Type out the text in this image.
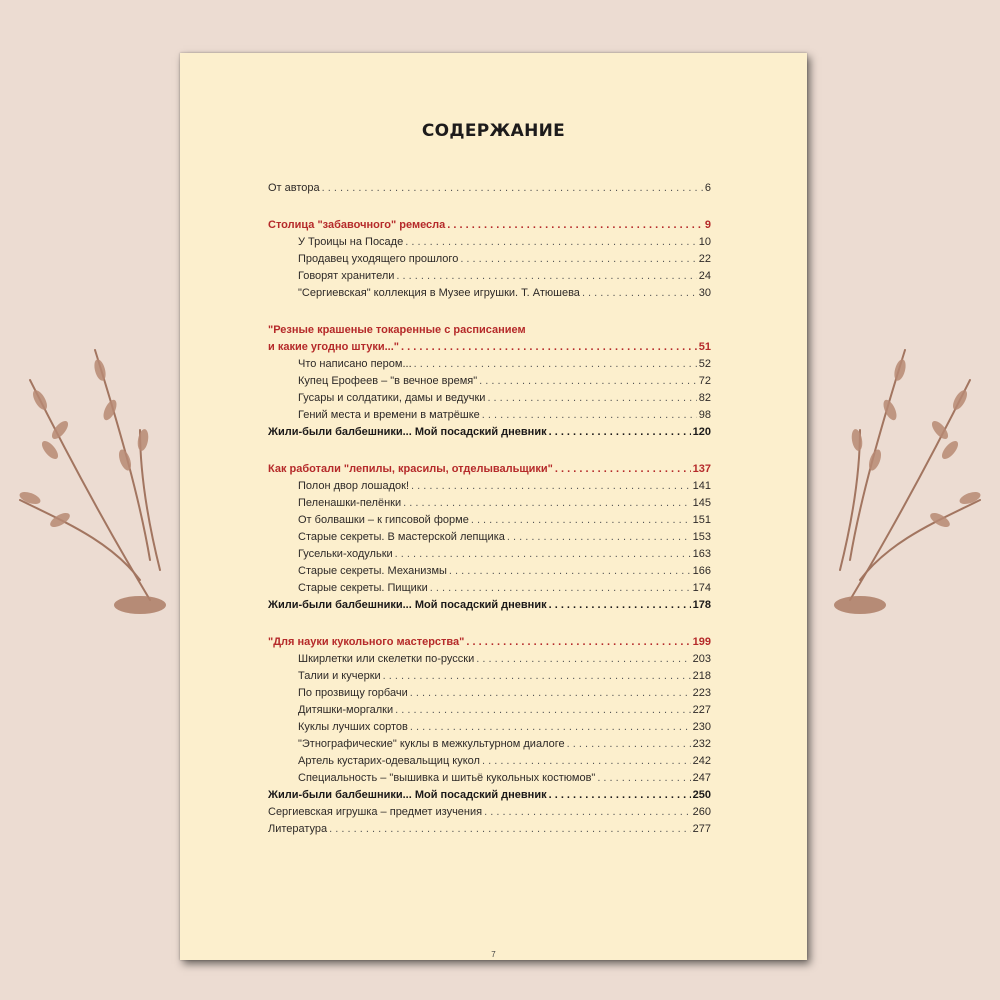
СОДЕРЖАНИЕ
От автора . . .	6
Столица "забавочного" ремесла . . .	9
У Троицы на Посаде . . .	10
Продавец уходящего прошлого . . .	22
Говорят хранители . . .	24
"Сергиевская" коллекция в Музее игрушки. Т. Атюшева . . .	30
"Резные крашеные токаренные с расписанием
и какие угодно штуки..." . . .	51
Что написано пером... . . .	52
Купец Ерофеев – "в вечное время" . . .	72
Гусары и солдатики, дамы и ведучки . . .	82
Гений места и времени в матрёшке . . .	98
Жили-были балбешники... Мой посадский дневник . . .	120
Как работали "лепилы, красилы, отделывальщики" . . .	137
Полон двор лошадок! . . .	141
Пеленашки-пелёнки . . .	145
От болвашки – к гипсовой форме . . .	151
Старые секреты. В мастерской лепщика . . .	153
Гусельки-ходульки . . .	163
Старые секреты. Механизмы . . .	166
Старые секреты. Пищики . . .	174
Жили-были балбешники... Мой посадский дневник . . .	178
"Для науки кукольного мастерства" . . .	199
Шкирлетки или скелетки по-русски . . .	203
Талии и кучерки . . .	218
По прозвищу горбачи . . .	223
Дитяшки-моргалки . . .	227
Куклы лучших сортов . . .	230
"Этнографические" куклы в межкультурном диалоге . . .	232
Артель кустарих-одевальщиц кукол . . .	242
Специальность – "вышивка и шитьё кукольных костюмов" . . .	247
Жили-были балбешники... Мой посадский дневник . . .	250
Сергиевская игрушка – предмет изучения . . .	260
Литература . . .	277
7
